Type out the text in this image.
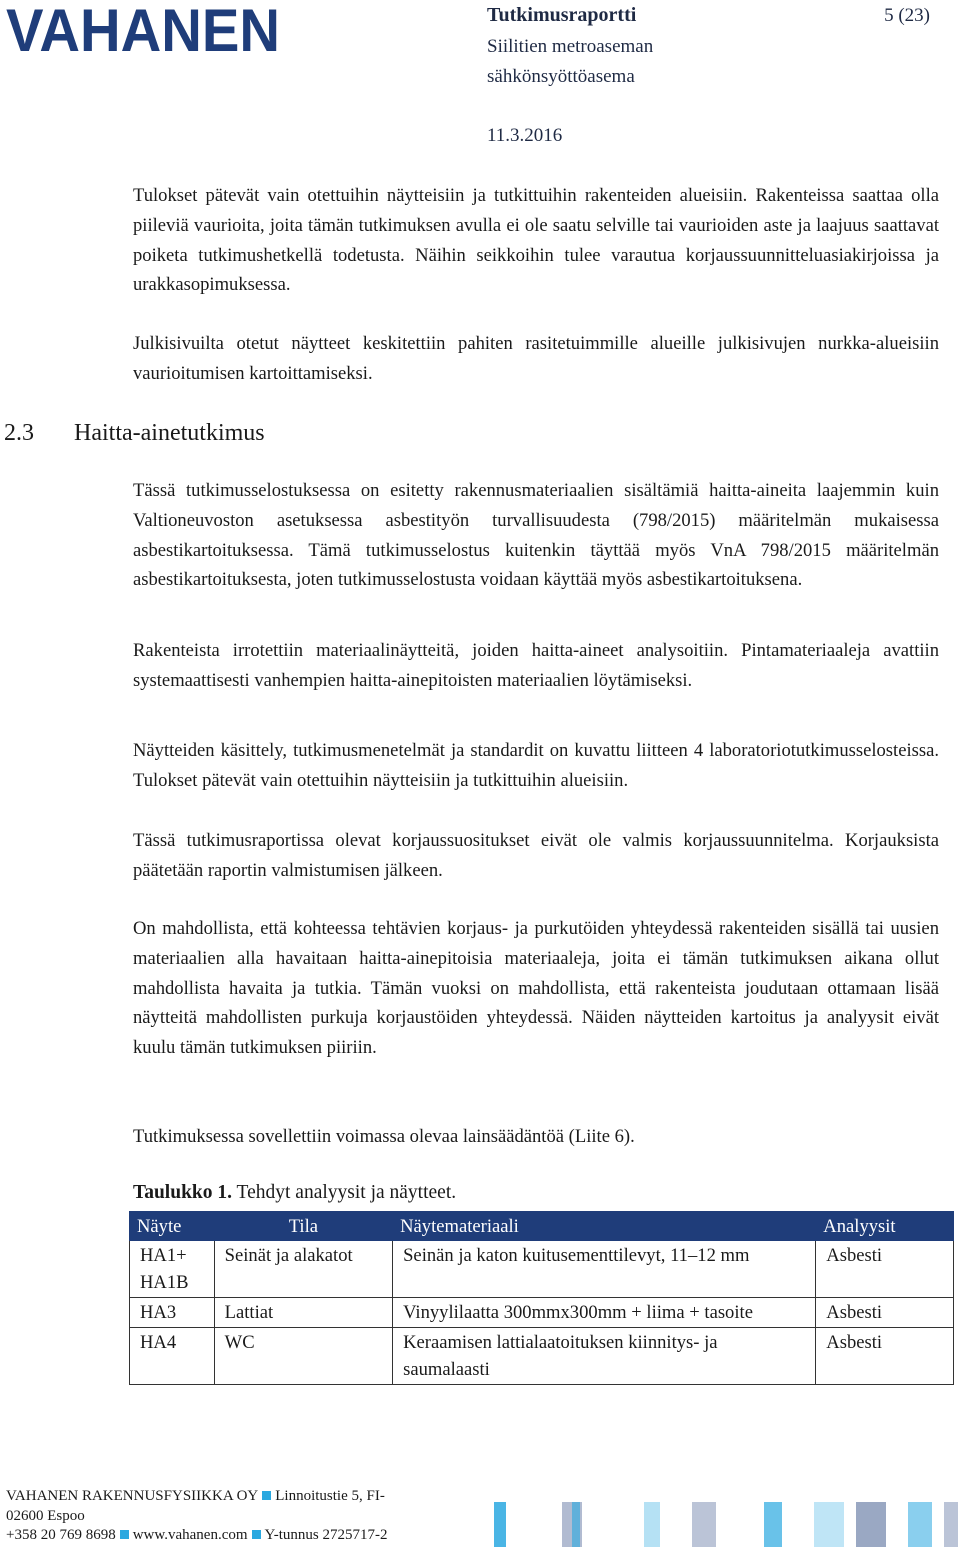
VAHANEN	Tutkimusraportti	5 (23)
Siilitien metroaseman
sähkönsyöttöasema
11.3.2016

Tulokset pätevät vain otettuihin näytteisiin ja tutkittuihin rakenteiden alueisiin. Rakenteissa saattaa olla piileviä vaurioita, joita tämän tutkimuksen avulla ei ole saatu selville tai vaurioiden aste ja laajuus saattavat poiketa tutkimushetkellä todetusta. Näihin seikkoihin tulee varautua korjaussuunnitteluasiakirjoissa ja urakkasopimuksessa.

Julkisivuilta otetut näytteet keskitettiin pahiten rasitetuimmille alueille julkisivujen nurkka-alueisiin vaurioitumisen kartoittamiseksi.

2.3 Haitta-ainetutkimus

Tässä tutkimusselostuksessa on esitetty rakennusmateriaalien sisältämiä haitta-aineita laajemmin kuin Valtioneuvoston asetuksessa asbestityön turvallisuudesta (798/2015) määritelmän mukaisessa asbestikartoituksessa. Tämä tutkimusselostus kuitenkin täyttää myös VnA 798/2015 määritelmän asbestikartoituksesta, joten tutkimusselostusta voidaan käyttää myös asbestikartoituksena.

Rakenteista irrotettiin materiaalinäytteitä, joiden haitta-aineet analysoitiin. Pintamateriaaleja avattiin systemaattisesti vanhempien haitta-ainepitoisten materiaalien löytämiseksi.

Näytteiden käsittely, tutkimusmenetelmät ja standardit on kuvattu liitteen 4 laboratoriotutkimusselosteissa. Tulokset pätevät vain otettuihin näytteisiin ja tutkittuihin alueisiin.

Tässä tutkimusraportissa olevat korjaussuositukset eivät ole valmis korjaussuunnitelma. Korjauksista päätetään raportin valmistumisen jälkeen.

On mahdollista, että kohteessa tehtävien korjaus- ja purkutöiden yhteydessä rakenteiden sisällä tai uusien materiaalien alla havaitaan haitta-ainepitoisia materiaaleja, joita ei tämän tutkimuksen aikana ollut mahdollista havaita ja tutkia. Tämän vuoksi on mahdollista, että rakenteista joudutaan ottamaan lisää näytteitä mahdollisten purkuja korjaustöiden yhteydessä. Näiden näytteiden kartoitus ja analyysit eivät kuulu tämän tutkimuksen piiriin.

Tutkimuksessa sovellettiin voimassa olevaa lainsäädäntöä (Liite 6).

Taulukko 1. Tehdyt analyysit ja näytteet.
Näyte	Tila	Näytemateriaali	Analyysit
HA1+ HA1B	Seinät ja alakatot	Seinän ja katon kuitusementtilevyt, 11–12 mm	Asbesti
HA3	Lattiat	Vinyylilaatta 300mmx300mm + liima + tasoite	Asbesti
HA4	WC	Keraamisen lattialaatoituksen kiinnitys- ja saumalaasti	Asbesti
VAHANEN RAKENNUSFYSIIKKA OY Linnoitustie 5, FI-
02600 Espoo
+358 20 769 8698 www.vahanen.com Y-tunnus 2725717-2
